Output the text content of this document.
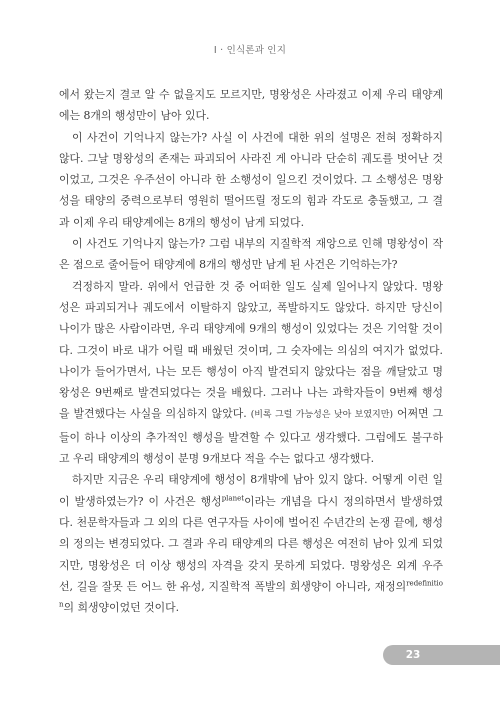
Ⅰ · 인식론과 인지

에서 왔는지 결코 알 수 없을지도 모르지만, 명왕성은 사라졌고 이제 우리 태양계에는 8개의 행성만이 남아 있다.

이 사건이 기억나지 않는가? 사실 이 사건에 대한 위의 설명은 전혀 정확하지 않다. 그날 명왕성의 존재는 파괴되어 사라진 게 아니라 단순히 궤도를 벗어난 것이었고, 그것은 우주선이 아니라 한 소행성이 일으킨 것이었다. 그 소행성은 명왕성을 태양의 중력으로부터 영원히 떨어뜨릴 정도의 힘과 각도로 충돌했고, 그 결과 이제 우리 태양계에는 8개의 행성이 남게 되었다.

이 사건도 기억나지 않는가? 그럼 내부의 지질학적 재앙으로 인해 명왕성이 작은 점으로 줄어들어 태양계에 8개의 행성만 남게 된 사건은 기억하는가?

걱정하지 말라. 위에서 언급한 것 중 어떠한 일도 실제 일어나지 않았다. 명왕성은 파괴되거나 궤도에서 이탈하지 않았고, 폭발하지도 않았다. 하지만 당신이 나이가 많은 사람이라면, 우리 태양계에 9개의 행성이 있었다는 것은 기억할 것이다. 그것이 바로 내가 어릴 때 배웠던 것이며, 그 숫자에는 의심의 여지가 없었다. 나이가 들어가면서, 나는 모든 행성이 아직 발견되지 않았다는 점을 깨달았고 명왕성은 9번째로 발견되었다는 것을 배웠다. 그러나 나는 과학자들이 9번째 행성을 발견했다는 사실을 의심하지 않았다. (비록 그럴 가능성은 낮아 보였지만) 어쩌면 그들이 하나 이상의 추가적인 행성을 발견할 수 있다고 생각했다. 그럼에도 불구하고 우리 태양계의 행성이 분명 9개보다 적을 수는 없다고 생각했다.

하지만 지금은 우리 태양계에 행성이 8개밖에 남아 있지 않다. 어떻게 이런 일이 발생하였는가? 이 사건은 행성$^{planet}$이라는 개념을 다시 정의하면서 발생하였다. 천문학자들과 그 외의 다른 연구자들 사이에 벌어진 수년간의 논쟁 끝에, 행성의 정의는 변경되었다. 그 결과 우리 태양계의 다른 행성은 여전히 남아 있게 되었지만, 명왕성은 더 이상 행성의 자격을 갖지 못하게 되었다. 명왕성은 외계 우주선, 길을 잘못 든 어느 한 유성, 지질학적 폭발의 희생양이 아니라, 재정의$^{redefinition}$의 희생양이었던 것이다.

23
